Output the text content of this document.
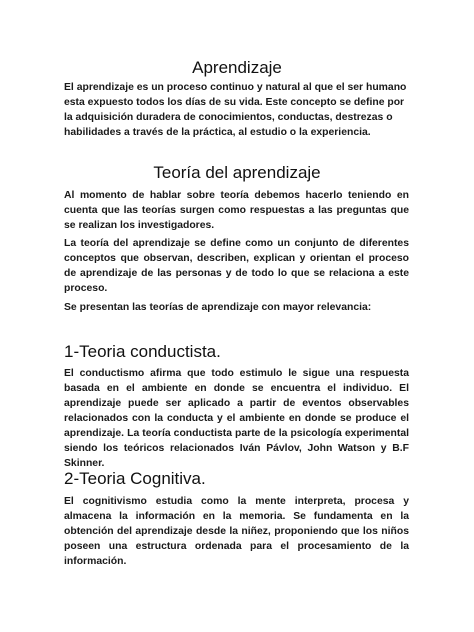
Aprendizaje

El aprendizaje es un proceso continuo y natural al que el ser humano esta expuesto todos los días de su vida. Este concepto se define por la adquisición duradera de conocimientos, conductas, destrezas o habilidades a través de la práctica, al estudio o la experiencia.

Teoría del aprendizaje

Al momento de hablar sobre teoría debemos hacerlo teniendo en cuenta que las teorías surgen como respuestas a las preguntas que se realizan los investigadores.

La teoría del aprendizaje se define como un conjunto de diferentes conceptos que observan, describen, explican y orientan el proceso de aprendizaje de las personas y de todo lo que se relaciona a este proceso.

Se presentan las teorías de aprendizaje con mayor relevancia:

1-Teoria conductista.

El conductismo afirma que todo estimulo le sigue una respuesta basada en el ambiente en donde se encuentra el individuo. El aprendizaje puede ser aplicado a partir de eventos observables relacionados con la conducta y el ambiente en donde se produce el aprendizaje. La teoría conductista parte de la psicología experimental siendo los teóricos relacionados Iván Pávlov, John Watson y B.F Skinner.

2-Teoria Cognitiva.

El cognitivismo estudia como la mente interpreta, procesa y almacena la información en la memoria. Se fundamenta en la obtención del aprendizaje desde la niñez, proponiendo que los niños poseen una estructura ordenada para el procesamiento de la información.
